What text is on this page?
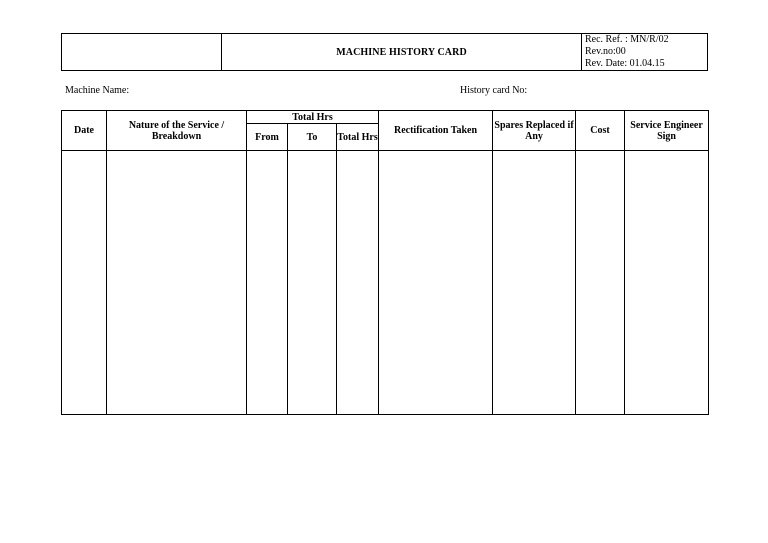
MACHINE HISTORY CARD
Rec. Ref. : MN/R/02
Rev.no:00
Rev. Date: 01.04.15
Machine Name:	History card No:
Date	Nature of the Service / Breakdown	Total Hrs			Rectification Taken	Spares Replaced if Any	Cost	Service Engineer Sign
		From	To	Total Hrs				
